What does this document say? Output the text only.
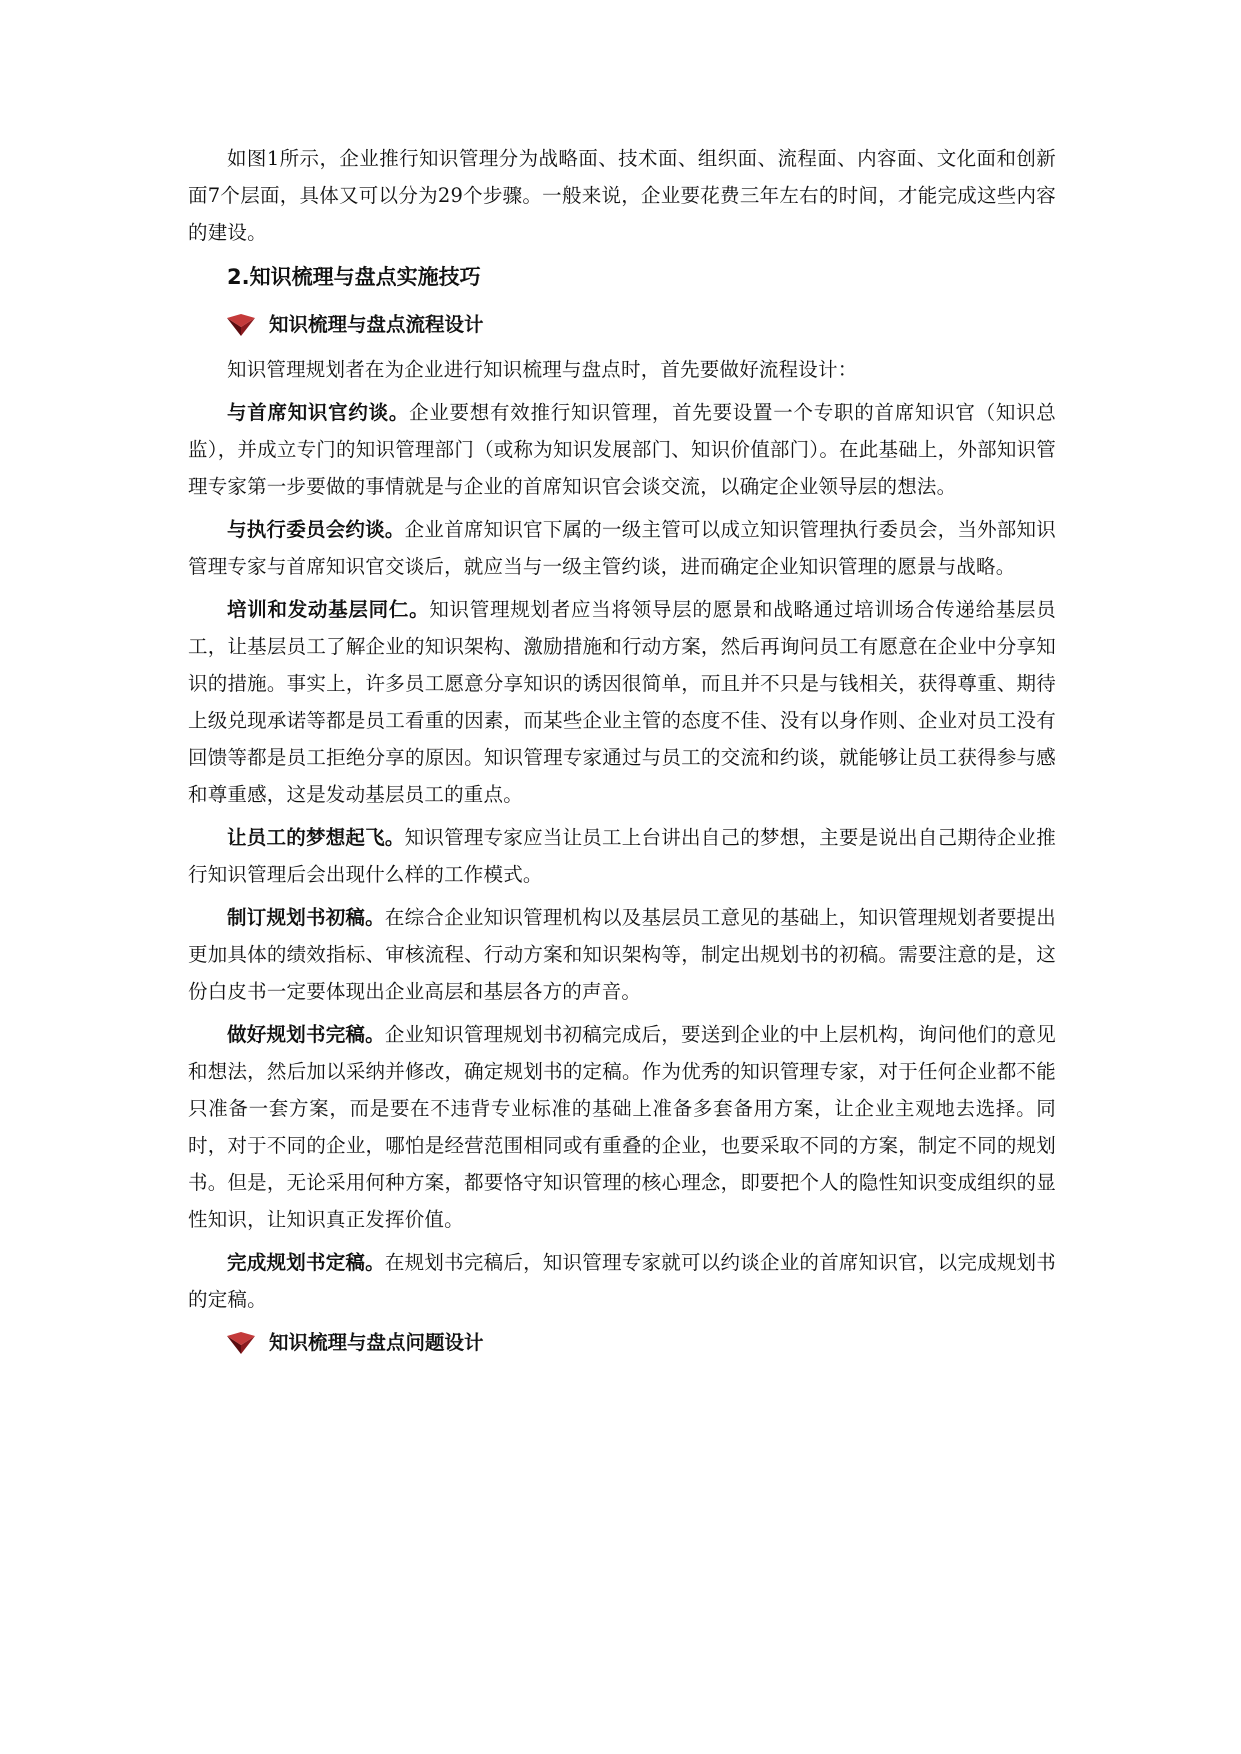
如图1所示，企业推行知识管理分为战略面、技术面、组织面、流程面、内容面、文化面和创新面7个层面，具体又可以分为29个步骤。一般来说，企业要花费三年左右的时间，才能完成这些内容的建设。

2.知识梳理与盘点实施技巧
知识梳理与盘点流程设计

知识管理规划者在为企业进行知识梳理与盘点时，首先要做好流程设计：

与首席知识官约谈。企业要想有效推行知识管理，首先要设置一个专职的首席知识官（知识总监），并成立专门的知识管理部门（或称为知识发展部门、知识价值部门）。在此基础上，外部知识管理专家第一步要做的事情就是与企业的首席知识官会谈交流，以确定企业领导层的想法。

与执行委员会约谈。企业首席知识官下属的一级主管可以成立知识管理执行委员会，当外部知识管理专家与首席知识官交谈后，就应当与一级主管约谈，进而确定企业知识管理的愿景与战略。

培训和发动基层同仁。知识管理规划者应当将领导层的愿景和战略通过培训场合传递给基层员工，让基层员工了解企业的知识架构、激励措施和行动方案，然后再询问员工有愿意在企业中分享知识的措施。事实上，许多员工愿意分享知识的诱因很简单，而且并不只是与钱相关，获得尊重、期待上级兑现承诺等都是员工看重的因素，而某些企业主管的态度不佳、没有以身作则、企业对员工没有回馈等都是员工拒绝分享的原因。知识管理专家通过与员工的交流和约谈，就能够让员工获得参与感和尊重感，这是发动基层员工的重点。

让员工的梦想起飞。知识管理专家应当让员工上台讲出自己的梦想，主要是说出自己期待企业推行知识管理后会出现什么样的工作模式。

制订规划书初稿。在综合企业知识管理机构以及基层员工意见的基础上，知识管理规划者要提出更加具体的绩效指标、审核流程、行动方案和知识架构等，制定出规划书的初稿。需要注意的是，这份白皮书一定要体现出企业高层和基层各方的声音。

做好规划书完稿。企业知识管理规划书初稿完成后，要送到企业的中上层机构，询问他们的意见和想法，然后加以采纳并修改，确定规划书的定稿。作为优秀的知识管理专家，对于任何企业都不能只准备一套方案，而是要在不违背专业标准的基础上准备多套备用方案，让企业主观地去选择。同时，对于不同的企业，哪怕是经营范围相同或有重叠的企业，也要采取不同的方案，制定不同的规划书。但是，无论采用何种方案，都要恪守知识管理的核心理念，即要把个人的隐性知识变成组织的显性知识，让知识真正发挥价值。

完成规划书定稿。在规划书完稿后，知识管理专家就可以约谈企业的首席知识官，以完成规划书的定稿。

知识梳理与盘点问题设计
